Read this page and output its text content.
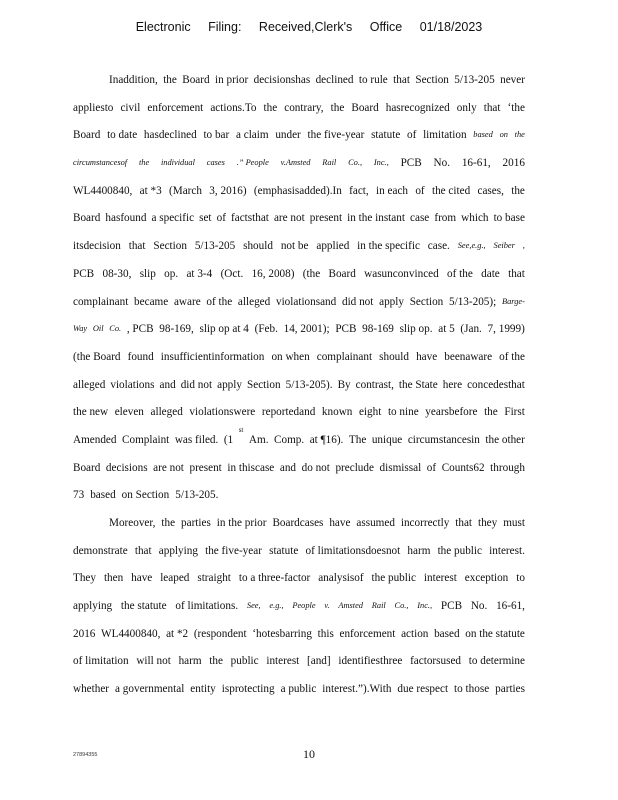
Electronic Filing: Received,Clerk's Office 01/18/2023
Inaddition, the Board in prior decisionshas declined to rule that Section 5/13-205 never
appliesto civil enforcement actions.To the contrary, the Board hasrecognized only that ‘the
Board to date hasdeclined to bar a claim under the five-year statute of limitation based on the
circumstancesof the individual cases .” People v.Amsted Rail Co., Inc., PCB No. 16-61, 2016
WL4400840, at *3 (March 3, 2016) (emphasisadded).In fact, in each of the cited cases, the
Board hasfound a specific set of factsthat are not present in the instant case from which to base
itsdecision that Section 5/13-205 should not be applied in the specific case. See,e.g., Seiber ,
PCB 08-30, slip op. at 3-4 (Oct. 16, 2008) (the Board wasunconvinced of the date that
complainant became aware of the alleged violationsand did not apply Section 5/13-205); Barge-
Way Oil Co. , PCB 98-169, slip op at 4 (Feb. 14, 2001); PCB 98-169 slip op. at 5 (Jan. 7, 1999)
(the Board found insufficientinformation on when complainant should have beenaware of the
alleged violations and did not apply Section 5/13-205). By contrast, the State here concedesthat
the new eleven alleged violationswere reportedand known eight to nine yearsbefore the First
Amended Complaint was filed. (1
st
Am. Comp. at ¶16). The unique circumstancesin the other
Board decisions are not present in thiscase and do not preclude dismissal of Counts62 through
73 based on Section 5/13-205.
Moreover, the parties in the prior Boardcases have assumed incorrectly that they must
demonstrate that applying the five-year statute of limitationsdoesnot harm the public interest.
They then have leaped straight to a three-factor analysisof the public interest exception to
applying the statute of limitations. See, e.g., People v. Amsted Rail Co., Inc., PCB No. 16-61,
2016 WL4400840, at *2 (respondent ‘hotesbarring this enforcement action based on the statute
of limitation will not harm the public interest [and] identifiesthree factorsused to determine
whether a governmental entity isprotecting a public interest.”).With due respect to those parties
27894355	10
